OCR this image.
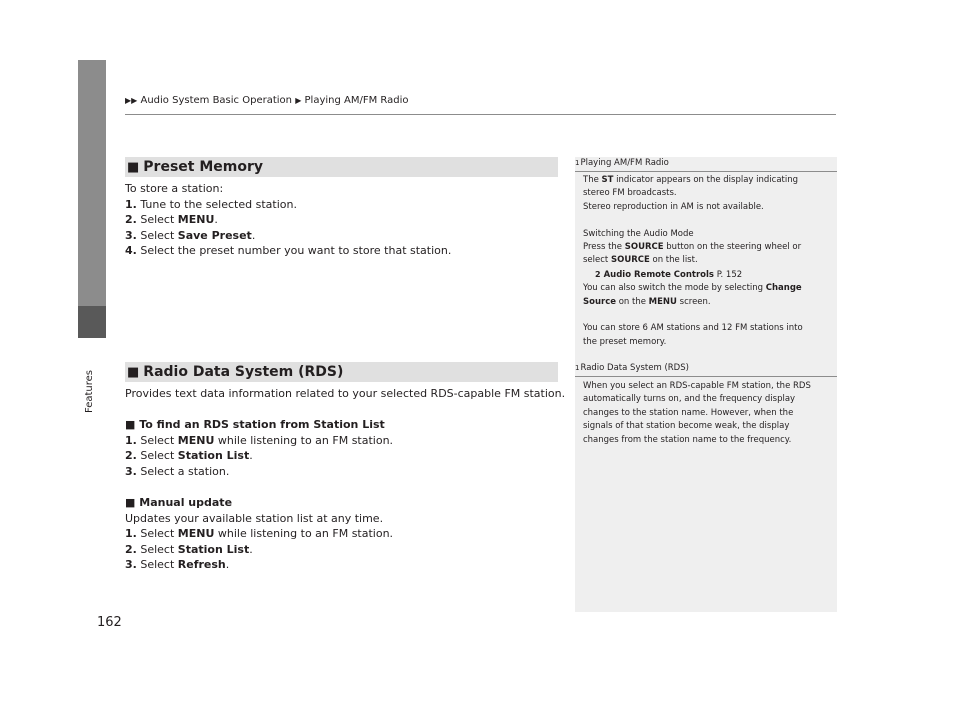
Features
▶▶ Audio System Basic Operation ▶ Playing AM/FM Radio
■ Preset Memory

To store a station:

1. Tune to the selected station.

2. Select MENU.

3. Select Save Preset.

4. Select the preset number you want to store that station.

■ Radio Data System (RDS)
Provides text data information related to your selected RDS-capable FM station.

■ To find an RDS station from Station List

1. Select MENU while listening to an FM station.

2. Select Station List.

3. Select a station.

■ Manual update

Updates your available station list at any time.

1. Select MENU while listening to an FM station.

2. Select Station List.

3. Select Refresh.

$^1$Playing AM/FM Radio

The ST indicator appears on the display indicating

stereo FM broadcasts.

Stereo reproduction in AM is not available.

Switching the Audio Mode

Press the SOURCE button on the steering wheel or

select SOURCE on the list.

2 Audio Remote Controls P. 152

You can also switch the mode by selecting Change

Source on the MENU screen.

You can store 6 AM stations and 12 FM stations into

the preset memory.

$^1$Radio Data System (RDS)

When you select an RDS-capable FM station, the RDS

automatically turns on, and the frequency display

changes to the station name. However, when the

signals of that station become weak, the display

changes from the station name to the frequency.

162
